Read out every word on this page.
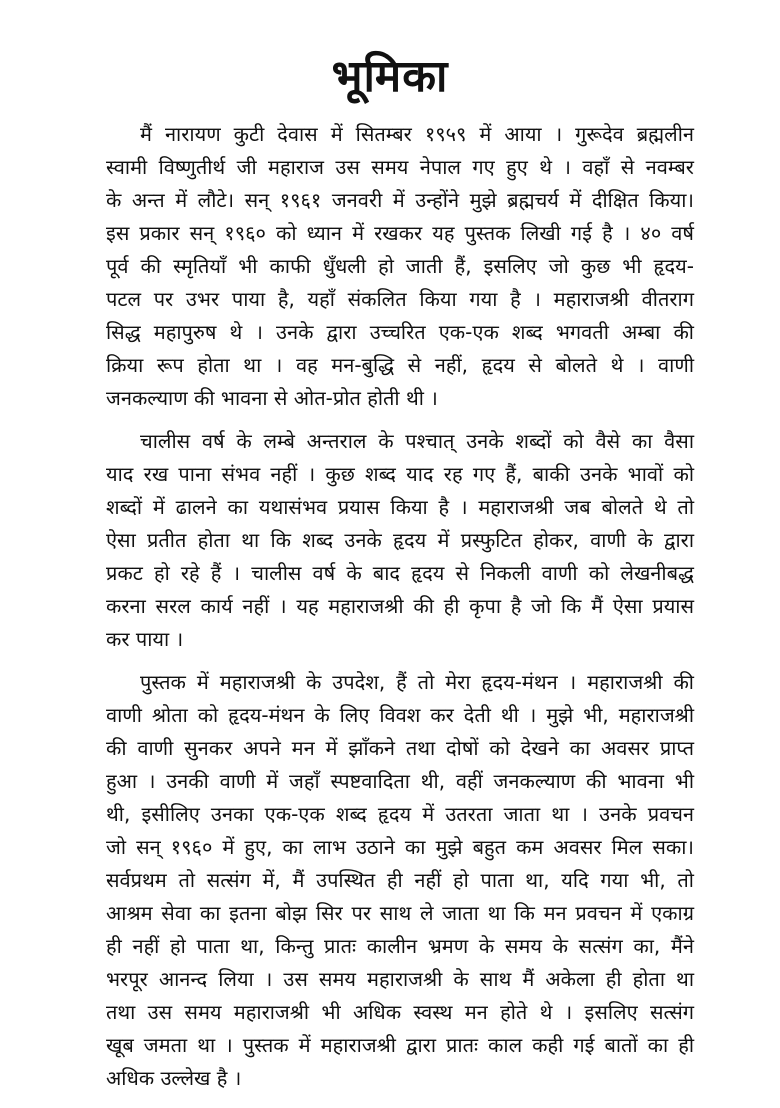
भूमिका
मैं नारायण कुटी देवास में सितम्बर १९५९ में आया । गुरूदेव ब्रह्मलीन
स्वामी विष्णुतीर्थ जी महाराज उस समय नेपाल गए हुए थे । वहाँ से नवम्बर
के अन्त में लौटे। सन् १९६१ जनवरी में उन्होंने मुझे ब्रह्मचर्य में दीक्षित किया।
इस प्रकार सन् १९६० को ध्यान में रखकर यह पुस्तक लिखी गई है । ४० वर्ष
पूर्व की स्मृतियाँ भी काफी धुँधली हो जाती हैं, इसलिए जो कुछ भी हृदय-
पटल पर उभर पाया है, यहाँ संकलित किया गया है । महाराजश्री वीतराग
सिद्ध महापुरुष थे । उनके द्वारा उच्चरित एक-एक शब्द भगवती अम्बा की
क्रिया रूप होता था । वह मन-बुद्धि से नहीं, हृदय से बोलते थे । वाणी
जनकल्याण की भावना से ओत-प्रोत होती थी ।
चालीस वर्ष के लम्बे अन्तराल के पश्चात् उनके शब्दों को वैसे का वैसा
याद रख पाना संभव नहीं । कुछ शब्द याद रह गए हैं, बाकी उनके भावों को
शब्दों में ढालने का यथासंभव प्रयास किया है । महाराजश्री जब बोलते थे तो
ऐसा प्रतीत होता था कि शब्द उनके हृदय में प्रस्फुटित होकर, वाणी के द्वारा
प्रकट हो रहे हैं । चालीस वर्ष के बाद हृदय से निकली वाणी को लेखनीबद्ध
करना सरल कार्य नहीं । यह महाराजश्री की ही कृपा है जो कि मैं ऐसा प्रयास
कर पाया ।
पुस्तक में महाराजश्री के उपदेश, हैं तो मेरा हृदय-मंथन । महाराजश्री की
वाणी श्रोता को हृदय-मंथन के लिए विवश कर देती थी । मुझे भी, महाराजश्री
की वाणी सुनकर अपने मन में झाँकने तथा दोषों को देखने का अवसर प्राप्त
हुआ । उनकी वाणी में जहाँ स्पष्टवादिता थी, वहीं जनकल्याण की भावना भी
थी, इसीलिए उनका एक-एक शब्द हृदय में उतरता जाता था । उनके प्रवचन
जो सन् १९६० में हुए, का लाभ उठाने का मुझे बहुत कम अवसर मिल सका।
सर्वप्रथम तो सत्संग में, मैं उपस्थित ही नहीं हो पाता था, यदि गया भी, तो
आश्रम सेवा का इतना बोझ सिर पर साथ ले जाता था कि मन प्रवचन में एकाग्र
ही नहीं हो पाता था, किन्तु प्रातः कालीन भ्रमण के समय के सत्संग का, मैंने
भरपूर आनन्द लिया । उस समय महाराजश्री के साथ मैं अकेला ही होता था
तथा उस समय महाराजश्री भी अधिक स्वस्थ मन होते थे । इसलिए सत्संग
खूब जमता था । पुस्तक में महाराजश्री द्वारा प्रातः काल कही गई बातों का ही
अधिक उल्लेख है ।
